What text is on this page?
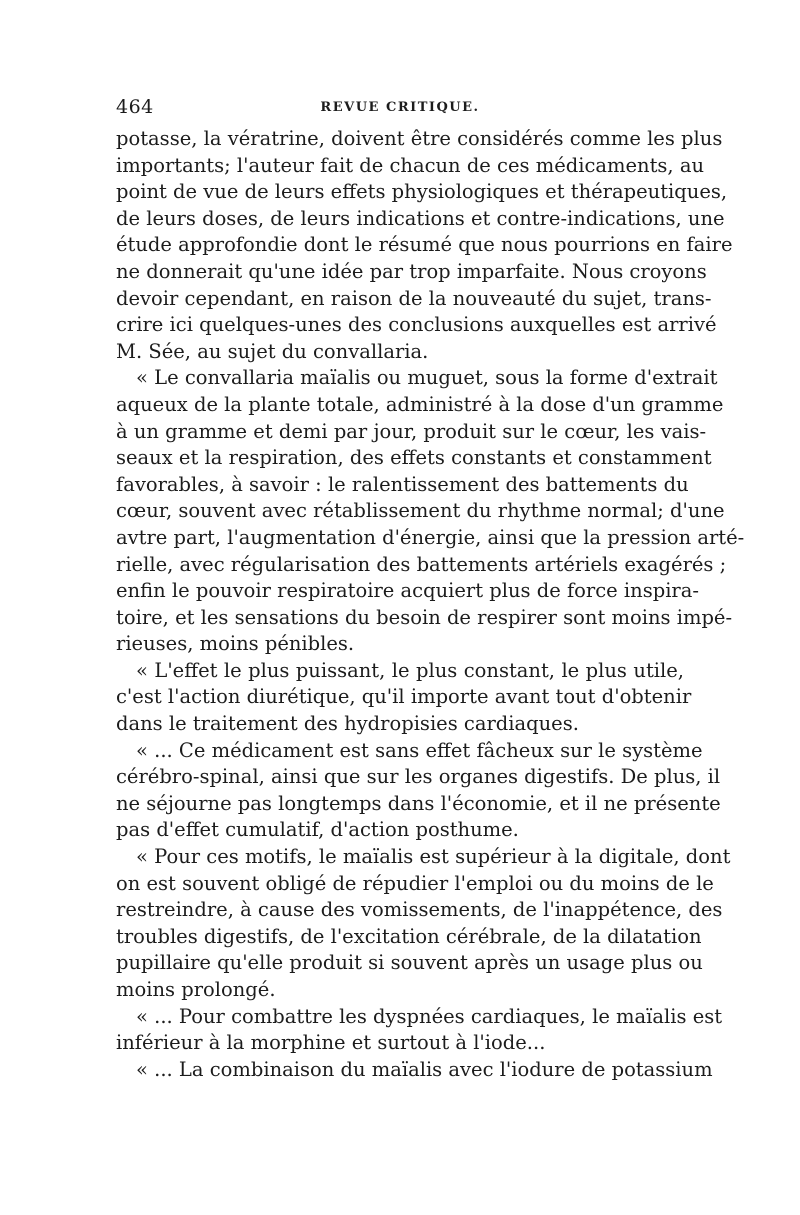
464	REVUE CRITIQUE.
potasse, la vératrine, doivent être considérés comme les plus
importants; l'auteur fait de chacun de ces médicaments, au
point de vue de leurs effets physiologiques et thérapeutiques,
de leurs doses, de leurs indications et contre-indications, une
étude approfondie dont le résumé que nous pourrions en faire
ne donnerait qu'une idée par trop imparfaite. Nous croyons
devoir cependant, en raison de la nouveauté du sujet, trans-
crire ici quelques-unes des conclusions auxquelles est arrivé
M. Sée, au sujet du convallaria.
« Le convallaria maïalis ou muguet, sous la forme d'extrait
aqueux de la plante totale, administré à la dose d'un gramme
à un gramme et demi par jour, produit sur le cœur, les vais-
seaux et la respiration, des effets constants et constamment
favorables, à savoir : le ralentissement des battements du
cœur, souvent avec rétablissement du rhythme normal; d'une
avtre part, l'augmentation d'énergie, ainsi que la pression arté-
rielle, avec régularisation des battements artériels exagérés ;
enfin le pouvoir respiratoire acquiert plus de force inspira-
toire, et les sensations du besoin de respirer sont moins impé-
rieuses, moins pénibles.
« L'effet le plus puissant, le plus constant, le plus utile,
c'est l'action diurétique, qu'il importe avant tout d'obtenir
dans le traitement des hydropisies cardiaques.
« ... Ce médicament est sans effet fâcheux sur le système
cérébro-spinal, ainsi que sur les organes digestifs. De plus, il
ne séjourne pas longtemps dans l'économie, et il ne présente
pas d'effet cumulatif, d'action posthume.
« Pour ces motifs, le maïalis est supérieur à la digitale, dont
on est souvent obligé de répudier l'emploi ou du moins de le
restreindre, à cause des vomissements, de l'inappétence, des
troubles digestifs, de l'excitation cérébrale, de la dilatation
pupillaire qu'elle produit si souvent après un usage plus ou
moins prolongé.
« ... Pour combattre les dyspnées cardiaques, le maïalis est
inférieur à la morphine et surtout à l'iode...
« ... La combinaison du maïalis avec l'iodure de potassium
